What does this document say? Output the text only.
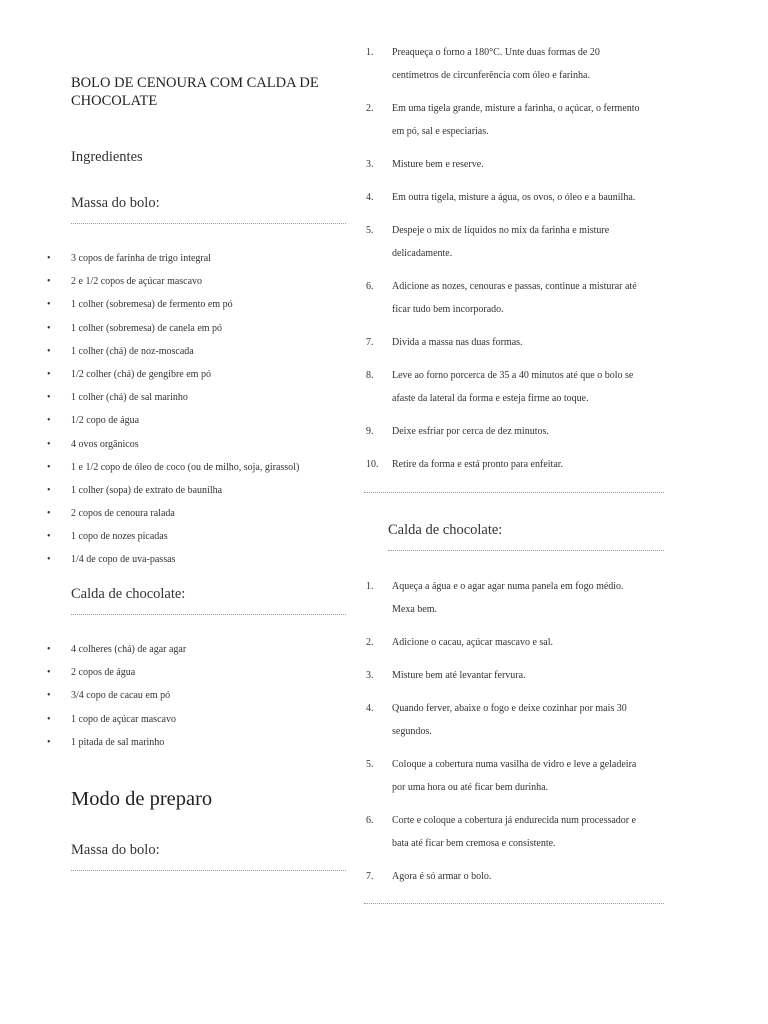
BOLO DE CENOURA COM CALDA DE CHOCOLATE
Ingredientes
Massa do bolo:
• 3 copos de farinha de trigo integral
• 2 e 1/2 copos de açúcar mascavo
• 1 colher (sobremesa) de fermento em pó
• 1 colher (sobremesa) de canela em pó
• 1 colher (chá) de noz-moscada
• 1/2 colher (chá) de gengibre em pó
• 1 colher (chá) de sal marinho
• 1/2 copo de água
• 4 ovos orgânicos
• 1 e 1/2 copo de óleo de coco (ou de milho, soja, girassol)
• 1 colher (sopa) de extrato de baunilha
• 2 copos de cenoura ralada
• 1 copo de nozes picadas
• 1/4 de copo de uva-passas
Calda de chocolate:
• 4 colheres (chá) de agar agar
• 2 copos de água
• 3/4 copo de cacau em pó
• 1 copo de açúcar mascavo
• 1 pitada de sal marinho
Modo de preparo
Massa do bolo:
1.	Preaqueça o forno a 180°C. Unte duas formas de 20
centímetros de circunferência com óleo e farinha.
2.	Em uma tigela grande, misture a farinha, o açúcar, o fermento
em pó, sal e especiarias.
3.	Misture bem e reserve.
4.	Em outra tigela, misture a água, os ovos, o óleo e a baunilha.
5.	Despeje o mix de líquidos no mix da farinha e misture
delicadamente.
6.	Adicione as nozes, cenouras e passas, continue a misturar até
ficar tudo bem incorporado.
7.	Divida a massa nas duas formas.
8.	Leve ao forno porcerca de 35 a 40 minutos até que o bolo se
afaste da lateral da forma e esteja firme ao toque.
9.	Deixe esfriar por cerca de dez minutos.
10.	Retire da forma e está pronto para enfeitar.
Calda de chocolate:
1.	Aqueça a água e o agar agar numa panela em fogo médio.
Mexa bem.
2.	Adicione o cacau, açúcar mascavo e sal.
3.	Misture bem até levantar fervura.
4.	Quando ferver, abaixe o fogo e deixe cozinhar por mais 30
segundos.
5.	Coloque a cobertura numa vasilha de vidro e leve a geladeira
por uma hora ou até ficar bem durinha.
6.	Corte e coloque a cobertura já endurecida num processador e
bata até ficar bem cremosa e consistente.
7.	Agora é só armar o bolo.
